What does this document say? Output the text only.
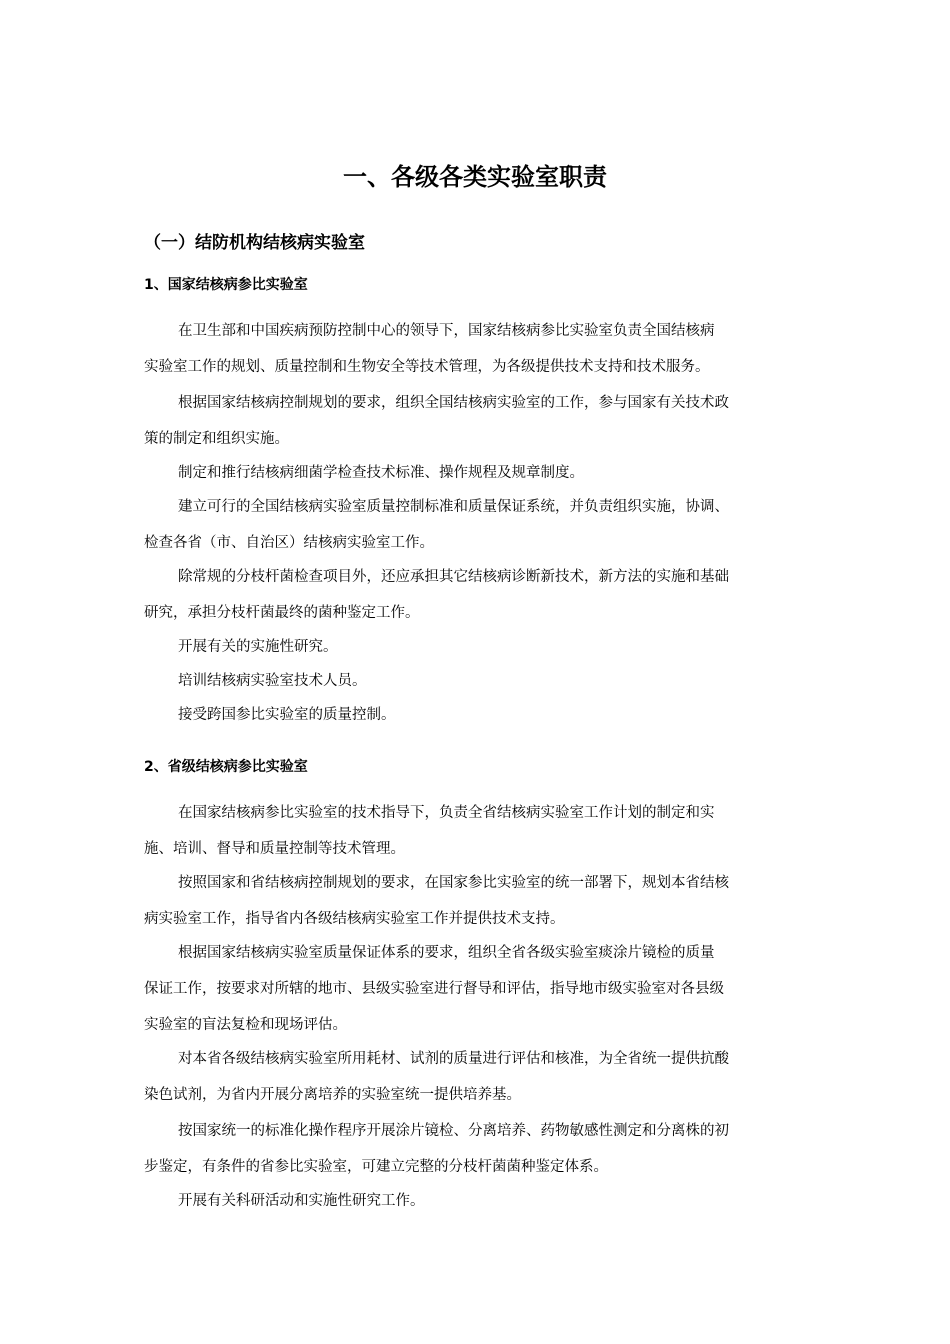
一、各级各类实验室职责
（一）结防机构结核病实验室
1、国家结核病参比实验室
在卫生部和中国疾病预防控制中心的领导下，国家结核病参比实验室负责全国结核病
实验室工作的规划、质量控制和生物安全等技术管理，为各级提供技术支持和技术服务。
根据国家结核病控制规划的要求，组织全国结核病实验室的工作，参与国家有关技术政
策的制定和组织实施。
制定和推行结核病细菌学检查技术标准、操作规程及规章制度。
建立可行的全国结核病实验室质量控制标准和质量保证系统，并负责组织实施，协调、
检查各省（市、自治区）结核病实验室工作。
除常规的分枝杆菌检查项目外，还应承担其它结核病诊断新技术，新方法的实施和基础
研究，承担分枝杆菌最终的菌种鉴定工作。
开展有关的实施性研究。
培训结核病实验室技术人员。
接受跨国参比实验室的质量控制。
2、省级结核病参比实验室
在国家结核病参比实验室的技术指导下，负责全省结核病实验室工作计划的制定和实
施、培训、督导和质量控制等技术管理。
按照国家和省结核病控制规划的要求，在国家参比实验室的统一部署下，规划本省结核
病实验室工作，指导省内各级结核病实验室工作并提供技术支持。
根据国家结核病实验室质量保证体系的要求，组织全省各级实验室痰涂片镜检的质量
保证工作，按要求对所辖的地市、县级实验室进行督导和评估，指导地市级实验室对各县级
实验室的盲法复检和现场评估。
对本省各级结核病实验室所用耗材、试剂的质量进行评估和核准，为全省统一提供抗酸
染色试剂，为省内开展分离培养的实验室统一提供培养基。
按国家统一的标准化操作程序开展涂片镜检、分离培养、药物敏感性测定和分离株的初
步鉴定，有条件的省参比实验室，可建立完整的分枝杆菌菌种鉴定体系。
开展有关科研活动和实施性研究工作。
